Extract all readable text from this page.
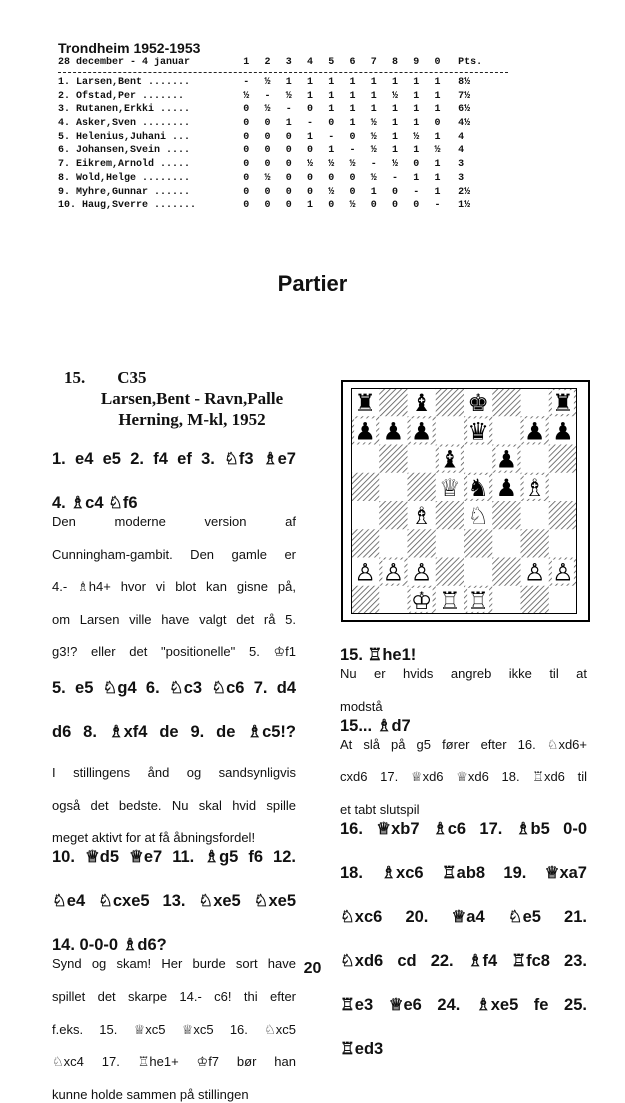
Trondheim 1952-1953
28 december - 4 januar	1	2	3	4	5	6	7	8	9	0	Pts.
1. Larsen,Bent .......	-	½	1	1	1	1	1	1	1	1	8½
2. Ofstad,Per .......	½	-	½	1	1	1	1	½	1	1	7½
3. Rutanen,Erkki .....	0	½	-	0	1	1	1	1	1	1	6½
4. Asker,Sven ........	0	0	1	-	0	1	½	1	1	0	4½
5. Helenius,Juhani ...	0	0	0	1	-	0	½	1	½	1	4
6. Johansen,Svein ....	0	0	0	0	1	-	½	1	1	½	4
7. Eikrem,Arnold .....	0	0	0	½	½	½	-	½	0	1	3
8. Wold,Helge ........	0	½	0	0	0	0	½	-	1	1	3
9. Myhre,Gunnar ......	0	0	0	0	½	0	1	0	-	1	2½
10. Haug,Sverre .......	0	0	0	1	0	½	0	0	0	-	1½
Partier
15. C35
Larsen,Bent - Ravn,Palle
Herning, M-kl, 1952
1. e4 e5 2. f4 ef 3. ♘f3 ♗e7
4. ♗c4 ♘f6
Den moderne version af
Cunningham-gambit. Den gamle er
4.- ♗h4+ hvor vi blot kan gisne på,
om Larsen ville have valgt det rå 5.
g3!? eller det "positionelle" 5. ♔f1
5. e5 ♘g4 6. ♘c3 ♘c6 7. d4
d6 8. ♗xf4 de 9. de ♗c5!?
I stillingens ånd og sandsynligvis
også det bedste. Nu skal hvid spille
meget aktivt for at få åbningsfordel!
10. ♕d5 ♕e7 11. ♗g5 f6 12.
♘e4 ♘cxe5 13. ♘xe5 ♘xe5
14. 0-0-0 ♗d6?
Synd og skam! Her burde sort have
spillet det skarpe 14.- c6! thi efter
f.eks. 15. ♕xc5 ♕xc5 16. ♘xc5
♘xc4 17. ♖he1+ ♔f7 bør han
kunne holde sammen på stillingen
♜ ♝ ♚	♜
♟ ♟ ♟ ♛ ♟ ♟
♝ ♟
♕ ♞ ♟ ♗
♗ ♘
♙ ♙ ♙	♙ ♙
♔ ♖ ♖
15. ♖he1!
Nu er hvids angreb ikke til at
modstå
15... ♗d7
At slå på g5 fører efter 16. ♘xd6+
cxd6 17. ♕xd6 ♕xd6 18. ♖xd6 til
et tabt slutspil
16. ♕xb7 ♗c6 17. ♗b5 0-0
18. ♗xc6 ♖ab8 19. ♕xa7
♘xc6 20. ♕a4 ♘e5 21.
♘xd6 cd 22. ♗f4 ♖fc8 23.
♖e3 ♕e6 24. ♗xe5 fe 25.
♖ed3
20
